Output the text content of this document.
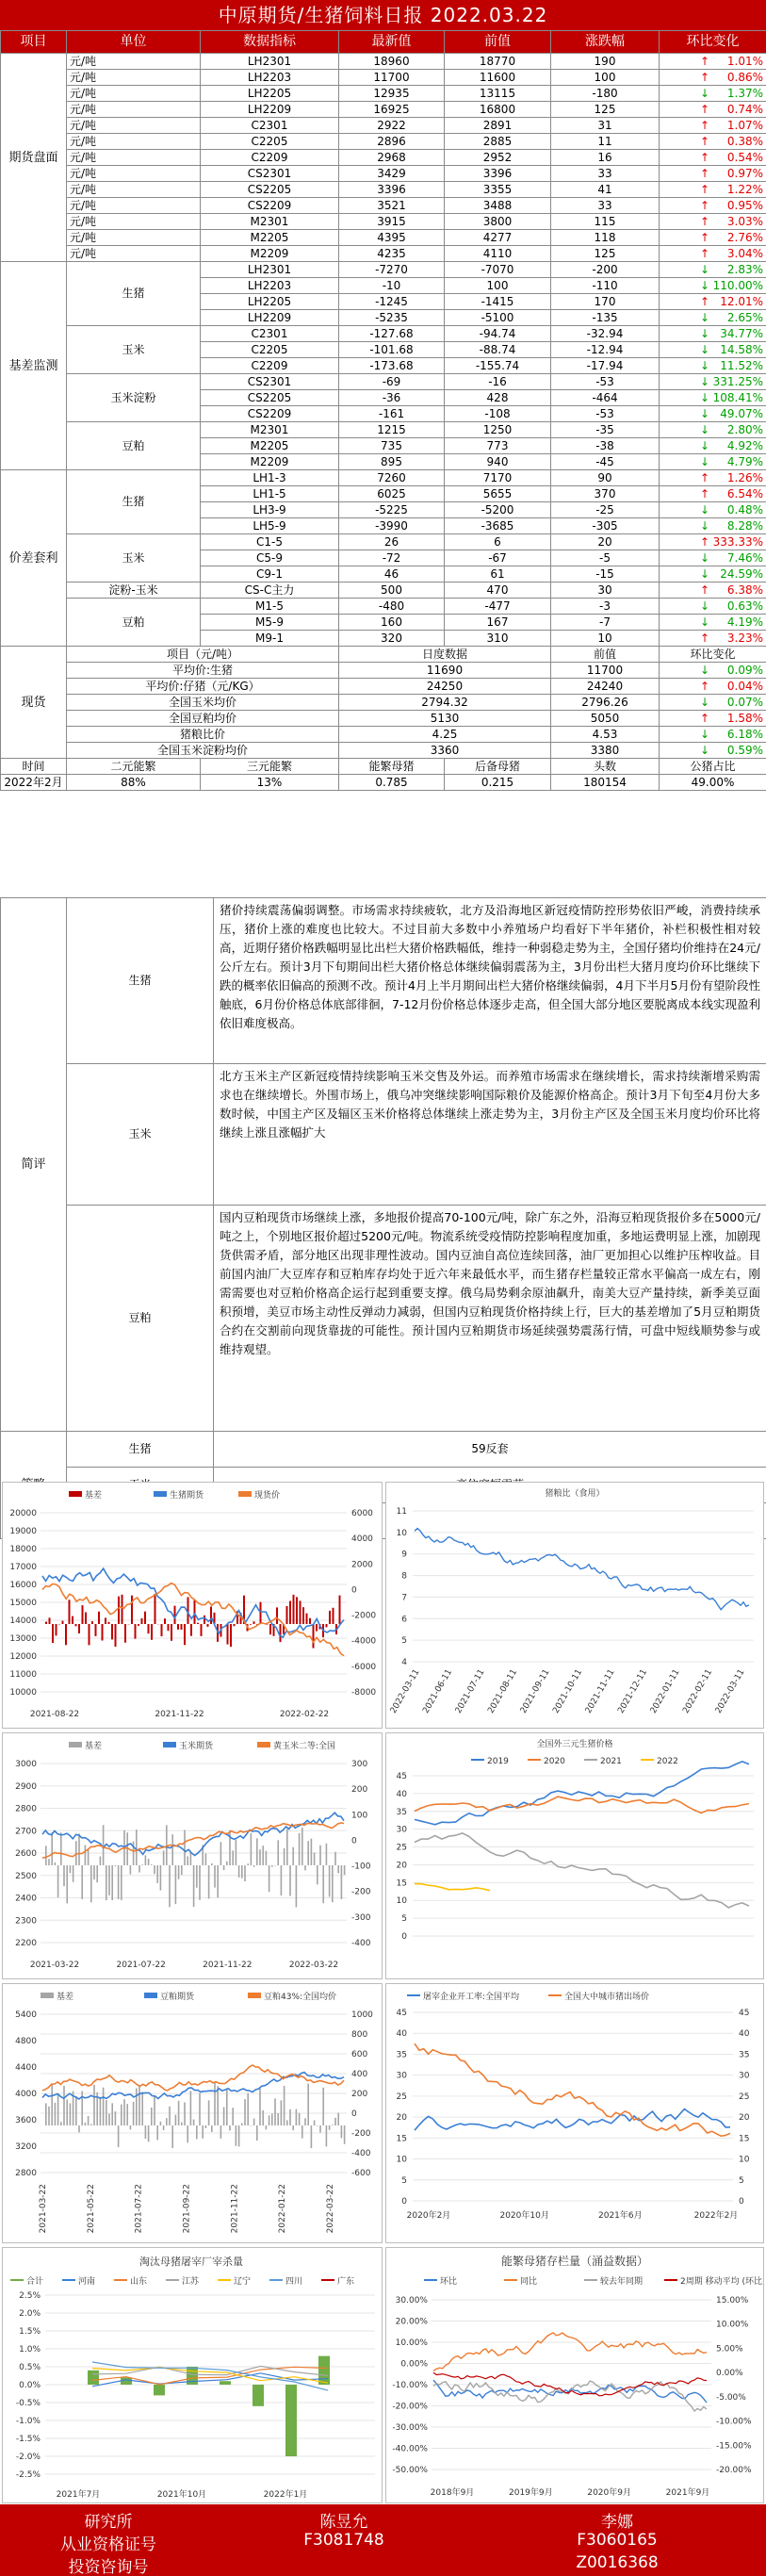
中原期货/生猪饲料日报 2022.03.22
项目	单位	数据指标	最新值	前值	涨跌幅	环比变化
期货盘面	元/吨	LH2301	18960	18770	190	↑ 1.01%
	元/吨	LH2203	11700	11600	100	↑ 0.86%
	元/吨	LH2205	12935	13115	-180	↓ 1.37%
	元/吨	LH2209	16925	16800	125	↑ 0.74%
	元/吨	C2301	2922	2891	31	↑ 1.07%
	元/吨	C2205	2896	2885	11	↑ 0.38%
	元/吨	C2209	2968	2952	16	↑ 0.54%
	元/吨	CS2301	3429	3396	33	↑ 0.97%
	元/吨	CS2205	3396	3355	41	↑ 1.22%
	元/吨	CS2209	3521	3488	33	↑ 0.95%
	元/吨	M2301	3915	3800	115	↑ 3.03%
	元/吨	M2205	4395	4277	118	↑ 2.76%
	元/吨	M2209	4235	4110	125	↑ 3.04%
基差监测	生猪	LH2301	-7270	-7070	-200	↓ 2.83%
		LH2203	-10	100	-110	↓ 110.00%
		LH2205	-1245	-1415	170	↑ 12.01%
		LH2209	-5235	-5100	-135	↓ 2.65%
	玉米	C2301	-127.68	-94.74	-32.94	↓ 34.77%
		C2205	-101.68	-88.74	-12.94	↓ 14.58%
		C2209	-173.68	-155.74	-17.94	↓ 11.52%
	玉米淀粉	CS2301	-69	-16	-53	↓ 331.25%
		CS2205	-36	428	-464	↓ 108.41%
		CS2209	-161	-108	-53	↓ 49.07%
	豆粕	M2301	1215	1250	-35	↓ 2.80%
		M2205	735	773	-38	↓ 4.92%
		M2209	895	940	-45	↓ 4.79%
价差套利	生猪	LH1-3	7260	7170	90	↑ 1.26%
		LH1-5	6025	5655	370	↑ 6.54%
		LH3-9	-5225	-5200	-25	↓ 0.48%
		LH5-9	-3990	-3685	-305	↓ 8.28%
	玉米	C1-5	26	6	20	↑ 333.33%
		C5-9	-72	-67	-5	↓ 7.46%
		C9-1	46	61	-15	↓ 24.59%
	淀粉-玉米	CS-C主力	500	470	30	↑ 6.38%
	豆粕	M1-5	-480	-477	-3	↓ 0.63%
		M5-9	160	167	-7	↓ 4.19%
		M9-1	320	310	10	↑ 3.23%
现货	项目（元/吨）		日度数据		前值	环比变化
	平均价:生猪		11690		11700	↓ 0.09%
	平均价:仔猪（元/KG）		24250		24240	↑ 0.04%
	全国玉米均价		2794.32		2796.26	↓ 0.07%
	全国豆粕均价		5130		5050	↑ 1.58%
	猪粮比价		4.25		4.53	↓ 6.18%
	全国玉米淀粉均价		3360		3380	↓ 0.59%
时间	二元能繁	三元能繁	能繁母猪	后备母猪	头数	公猪占比
2022年2月	88%	13%	0.785	0.215	180154	49.00%
简评	生猪	猪价持续震荡偏弱调整。市场需求持续疲软，北方及沿海地区新冠疫情防控形势依旧严峻，消费持续承压，猪价上涨的难度也比较大。不过目前大多数中小养殖场户均看好下半年猪价，补栏积极性相对较高，近期仔猪价格跌幅明显比出栏大猪价格跌幅低，维持一种弱稳走势为主，全国仔猪均价维持在24元/公斤左右。预计3月下旬期间出栏大猪价格总体继续偏弱震荡为主，3月份出栏大猪月度均价环比继续下跌的概率依旧偏高的预测不改。预计4月上半月期间出栏大猪价格继续偏弱，4月下半月5月份有望阶段性触底，6月份价格总体底部徘徊，7-12月份价格总体逐步走高，但全国大部分地区要脱离成本线实现盈利依旧难度极高。
	玉米	北方玉米主产区新冠疫情持续影响玉米交售及外运。而养殖市场需求在继续增长，需求持续渐增采购需求也在继续增长。外围市场上，俄乌冲突继续影响国际粮价及能源价格高企。预计3月下旬至4月份大多数时候，中国主产区及辐区玉米价格将总体继续上涨走势为主，3月份主产区及全国玉米月度均价环比将继续上涨且涨幅扩大
	豆粕	国内豆粕现货市场继续上涨，多地报价提高70-100元/吨，除广东之外，沿海豆粕现货报价多在5000元/吨之上，个别地区报价超过5200元/吨。物流系统受疫情防控影响程度加重，多地运费明显上涨，加剧现货供需矛盾，部分地区出现非理性波动。国内豆油自高位连续回落，油厂更加担心以维护压榨收益。目前国内油厂大豆库存和豆粕库存均处于近六年来最低水平，而生猪存栏量较正常水平偏高一成左右，刚需需要也对豆粕价格高企运行起到重要支撑。俄乌局势剩余原油飙升，南美大豆产量持续，新季美豆面积预增，美豆市场主动性反弹动力减弱，但国内豆粕现货价格持续上行，巨大的基差增加了5月豆粕期货合约在交割前向现货靠拢的可能性。预计国内豆粕期货市场延续强势震荡行情，可盘中短线顺势参与或维持观望。
	生猪	59反套

基差	生猪期货	现货价
20000
19000
18000
17000
16000
15000
14000
13000
12000
11000
10000
6000
4000
2000
0
-2000
-4000
-6000
-8000
2021-08-22	2021-11-22	2022-02-22
猪粮比（食用）
11
10
9
8
7
6
5
4
2022-03-11 2021-06-11 2021-07-11 2021-08-11 2021-09-11 2021-10-11 2021-11-11 2021-12-11 2022-01-11 2022-02-11 2022-03-11
基差	玉米期货	黄玉米二等:全国
3000
2900
2800
2700
2600
2500
2400
2300
2200
300
200
100
0
-100
-200
-300
-400
2021-03-22	2021-07-22	2021-11-22	2022-03-22
全国外三元生猪价格
2019	2020	2021	2022
45
40
35
30
25
20
15
10
5
0
基差	豆粕期货	豆粕43%:全国均价
5400
4800
4400
4000
3600
3200
2800
1000
800
600
400
200
0
-200
-400
-600
2021-03-22	2021-05-22	2021-07-22	2021-09-22	2021-11-22	2022-01-22	2022-03-22
屠宰企业开工率:全国平均	全国大中城市猪出场价
45
40
35
30
25
20
15
10
5
0
45
40
35
30
25
20
15
10
5
0
2020年2月	2020年10月	2021年6月	2022年2月
淘汰母猪屠宰厂宰杀量
合计	河南	山东	江苏	辽宁	四川	广东
2.5%
2.0%
1.5%
1.0%
0.5%
0.0%
-0.5%
-1.0%
-1.5%
-2.0%
-2.5%
2021年7月	2021年10月	2022年1月
能繁母猪存栏量（涌益数据）
环比	同比	较去年同期	2周期 移动平均 (环比)
30.00%
20.00%
10.00%
0.00%
-10.00%
-20.00%
-30.00%
-40.00%
-50.00%
15.00%
10.00%
5.00%
0.00%
-5.00%
-10.00%
-15.00%
-20.00%
2018年9月	2019年9月	2020年9月	2021年9月
研究所
从业资格证号
投资咨询号
陈昱允
F3081748
李娜
F3060165
Z0016368
